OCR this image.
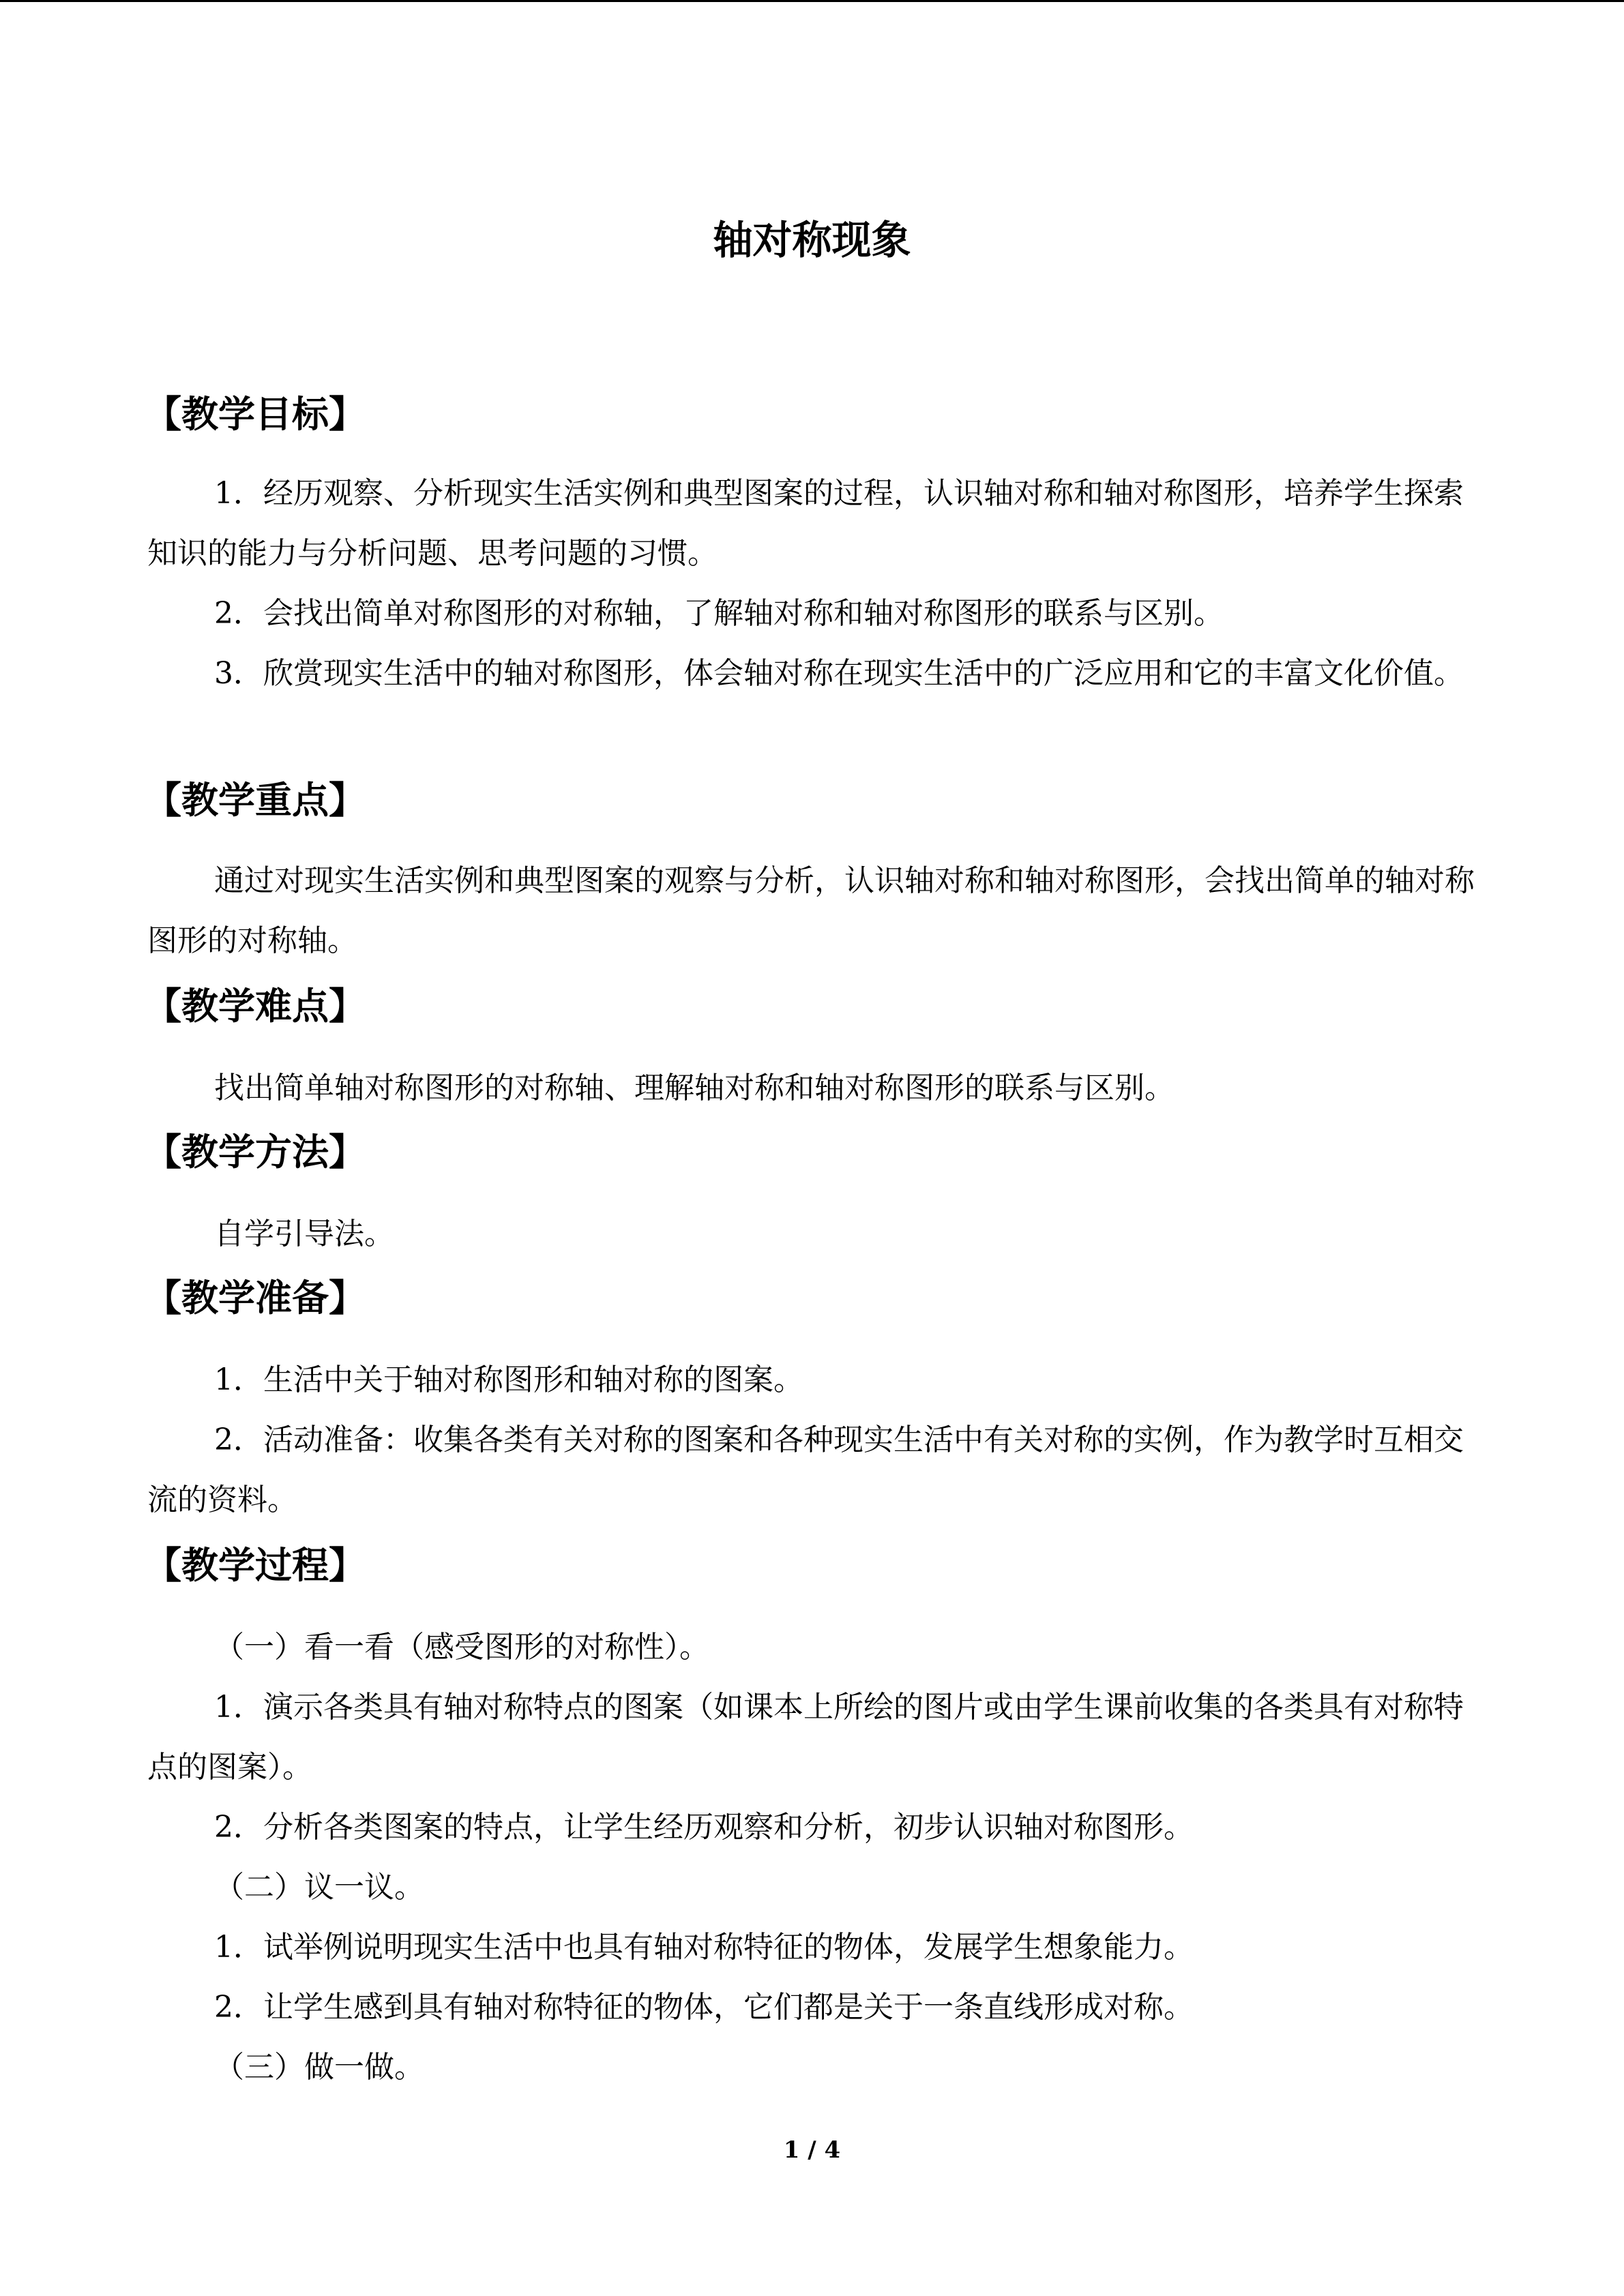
轴对称现象
【教学目标】

1．经历观察、分析现实生活实例和典型图案的过程，认识轴对称和轴对称图形，培养学生探索知识的能力与分析问题、思考问题的习惯。

2．会找出简单对称图形的对称轴，了解轴对称和轴对称图形的联系与区别。

3．欣赏现实生活中的轴对称图形，体会轴对称在现实生活中的广泛应用和它的丰富文化价值。

【教学重点】

通过对现实生活实例和典型图案的观察与分析，认识轴对称和轴对称图形，会找出简单的轴对称图形的对称轴。

【教学难点】

找出简单轴对称图形的对称轴、理解轴对称和轴对称图形的联系与区别。

【教学方法】

自学引导法。

【教学准备】

1．生活中关于轴对称图形和轴对称的图案。

2．活动准备：收集各类有关对称的图案和各种现实生活中有关对称的实例，作为教学时互相交流的资料。

【教学过程】

（一）看一看（感受图形的对称性）。

1．演示各类具有轴对称特点的图案（如课本上所绘的图片或由学生课前收集的各类具有对称特点的图案）。

2．分析各类图案的特点，让学生经历观察和分析，初步认识轴对称图形。

（二）议一议。

1．试举例说明现实生活中也具有轴对称特征的物体，发展学生想象能力。

2．让学生感到具有轴对称特征的物体，它们都是关于一条直线形成对称。

（三）做一做。

1 / 4
